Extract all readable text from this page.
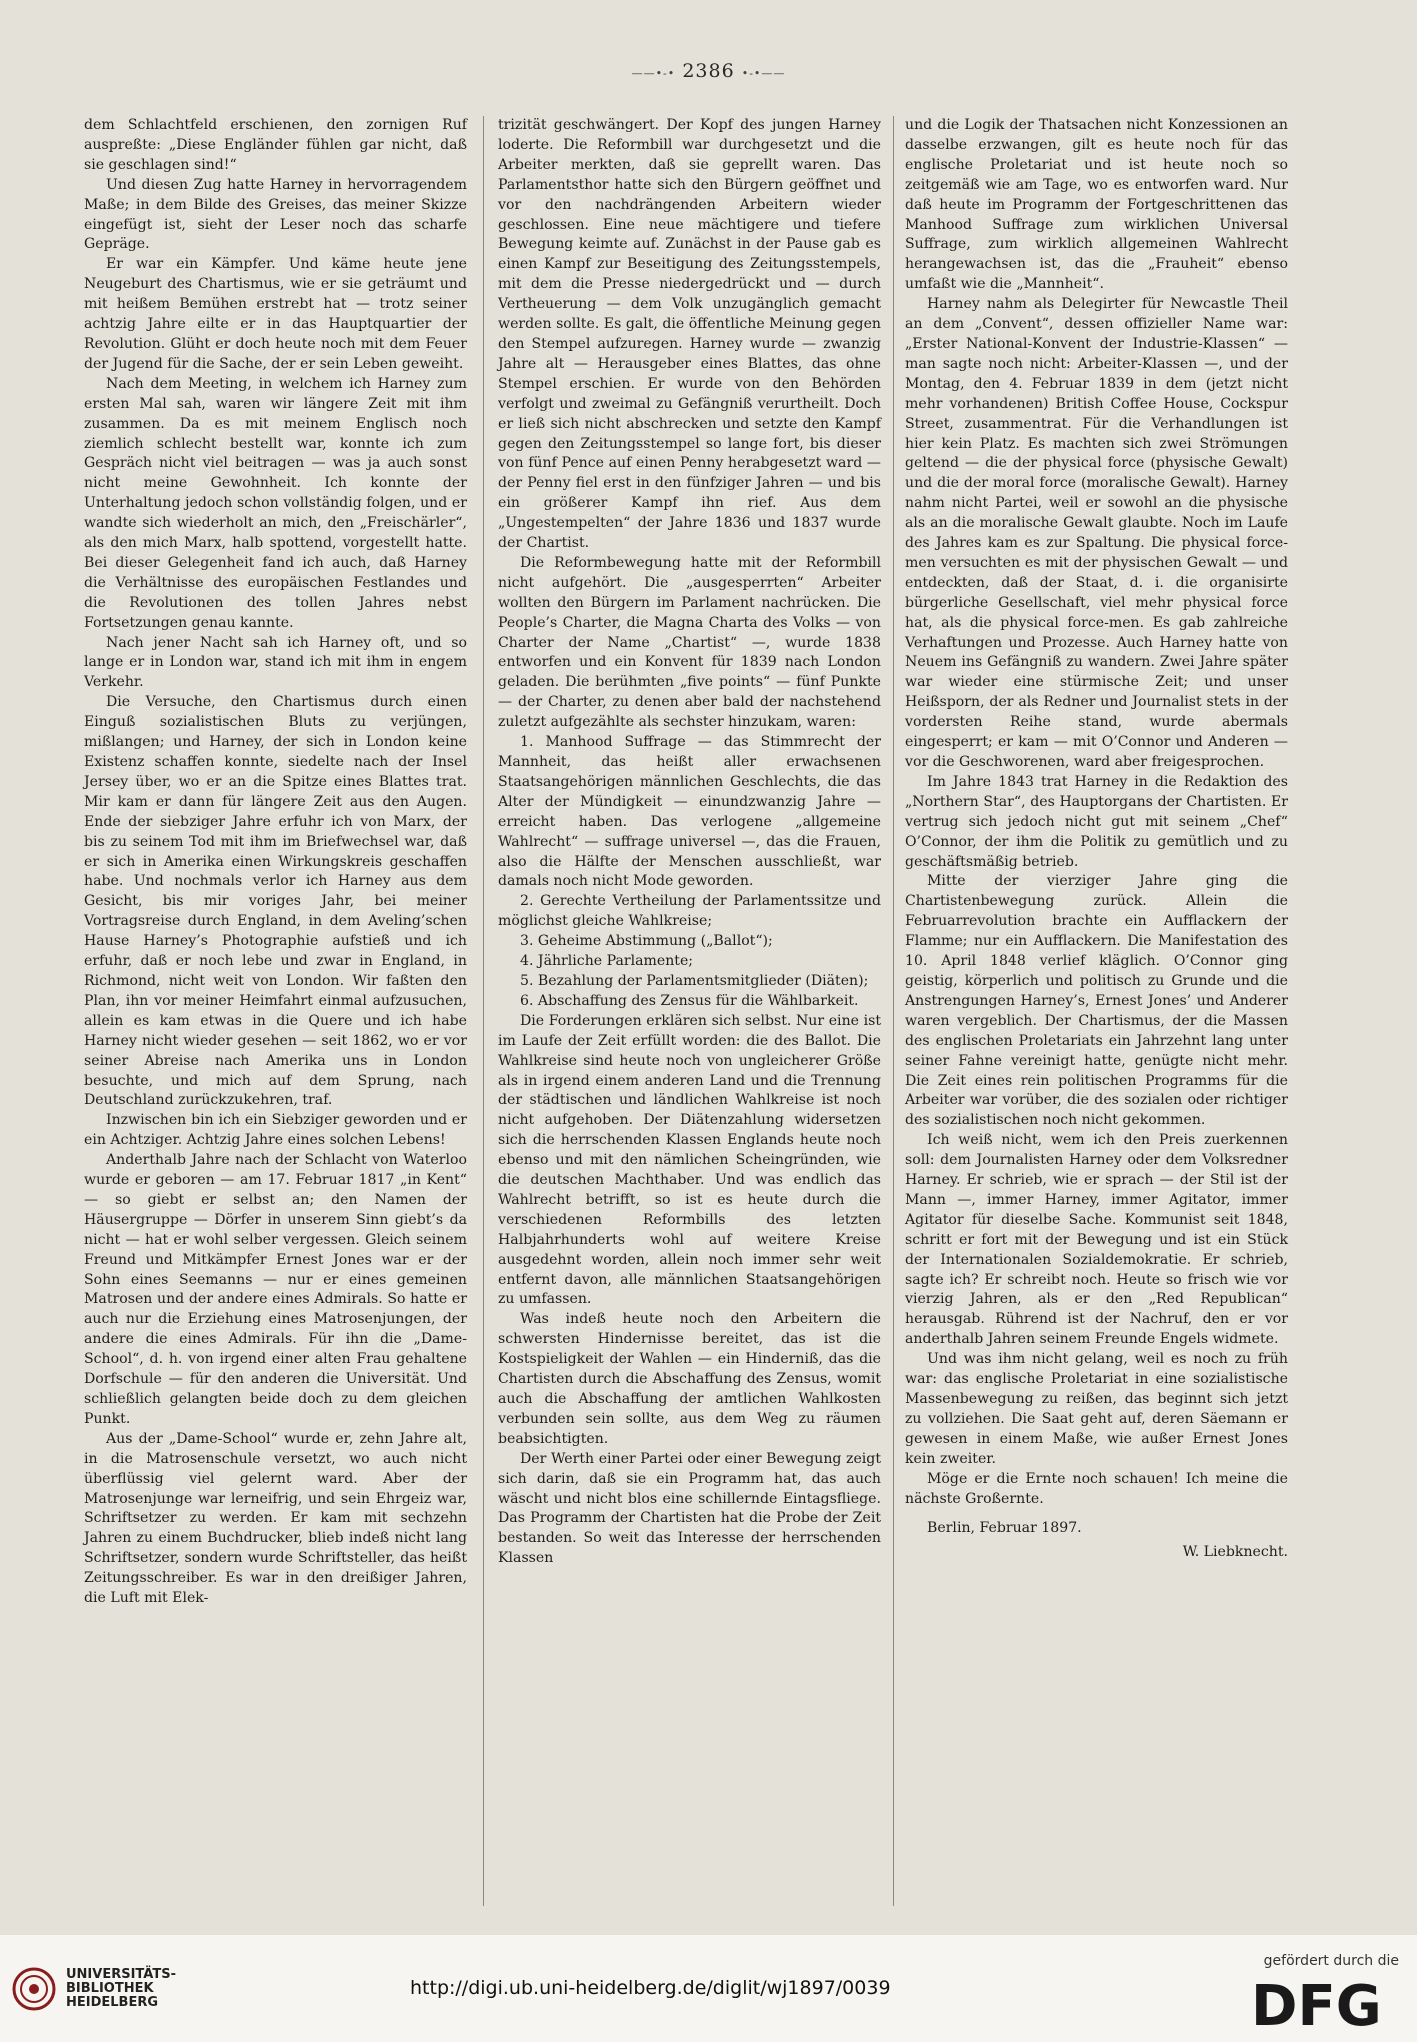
——•-• 2386 •-•——

dem Schlachtfeld erschienen, den zornigen Ruf auspreßte: „Diese Engländer fühlen gar nicht, daß sie geschlagen sind!“

Und diesen Zug hatte Harney in hervorragendem Maße; in dem Bilde des Greises, das meiner Skizze eingefügt ist, sieht der Leser noch das scharfe Gepräge.

Er war ein Kämpfer. Und käme heute jene Neugeburt des Chartismus, wie er sie geträumt und mit heißem Bemühen erstrebt hat — trotz seiner achtzig Jahre eilte er in das Hauptquartier der Revolution. Glüht er doch heute noch mit dem Feuer der Jugend für die Sache, der er sein Leben geweiht.

Nach dem Meeting, in welchem ich Harney zum ersten Mal sah, waren wir längere Zeit mit ihm zusammen. Da es mit meinem Englisch noch ziemlich schlecht bestellt war, konnte ich zum Gespräch nicht viel beitragen — was ja auch sonst nicht meine Gewohnheit. Ich konnte der Unterhaltung jedoch schon vollständig folgen, und er wandte sich wiederholt an mich, den „Freischärler“, als den mich Marx, halb spottend, vorgestellt hatte. Bei dieser Gelegenheit fand ich auch, daß Harney die Verhältnisse des europäischen Festlandes und die Revolutionen des tollen Jahres nebst Fortsetzungen genau kannte.

Nach jener Nacht sah ich Harney oft, und so lange er in London war, stand ich mit ihm in engem Verkehr.

Die Versuche, den Chartismus durch einen Einguß sozialistischen Bluts zu verjüngen, mißlangen; und Harney, der sich in London keine Existenz schaffen konnte, siedelte nach der Insel Jersey über, wo er an die Spitze eines Blattes trat. Mir kam er dann für längere Zeit aus den Augen. Ende der siebziger Jahre erfuhr ich von Marx, der bis zu seinem Tod mit ihm im Briefwechsel war, daß er sich in Amerika einen Wirkungskreis geschaffen habe. Und nochmals verlor ich Harney aus dem Gesicht, bis mir voriges Jahr, bei meiner Vortragsreise durch England, in dem Aveling’schen Hause Harney’s Photographie aufstieß und ich erfuhr, daß er noch lebe und zwar in England, in Richmond, nicht weit von London. Wir faßten den Plan, ihn vor meiner Heimfahrt einmal aufzusuchen, allein es kam etwas in die Quere und ich habe Harney nicht wieder gesehen — seit 1862, wo er vor seiner Abreise nach Amerika uns in London besuchte, und mich auf dem Sprung, nach Deutschland zurückzukehren, traf.

Inzwischen bin ich ein Siebziger geworden und er ein Achtziger. Achtzig Jahre eines solchen Lebens!

Anderthalb Jahre nach der Schlacht von Waterloo wurde er geboren — am 17. Februar 1817 „in Kent“ — so giebt er selbst an; den Namen der Häusergruppe — Dörfer in unserem Sinn giebt’s da nicht — hat er wohl selber vergessen. Gleich seinem Freund und Mitkämpfer Ernest Jones war er der Sohn eines Seemanns — nur er eines gemeinen Matrosen und der andere eines Admirals. So hatte er auch nur die Erziehung eines Matrosenjungen, der andere die eines Admirals. Für ihn die „Dame-School“, d. h. von irgend einer alten Frau gehaltene Dorfschule — für den anderen die Universität. Und schließlich gelangten beide doch zu dem gleichen Punkt.

Aus der „Dame-School“ wurde er, zehn Jahre alt, in die Matrosenschule versetzt, wo auch nicht überflüssig viel gelernt ward. Aber der Matrosenjunge war lerneifrig, und sein Ehrgeiz war, Schriftsetzer zu werden. Er kam mit sechzehn Jahren zu einem Buchdrucker, blieb indeß nicht lang Schriftsetzer, sondern wurde Schriftsteller, das heißt Zeitungsschreiber. Es war in den dreißiger Jahren, die Luft mit Elek-

trizität geschwängert. Der Kopf des jungen Harney loderte. Die Reformbill war durchgesetzt und die Arbeiter merkten, daß sie geprellt waren. Das Parlamentsthor hatte sich den Bürgern geöffnet und vor den nachdrängenden Arbeitern wieder geschlossen. Eine neue mächtigere und tiefere Bewegung keimte auf. Zunächst in der Pause gab es einen Kampf zur Beseitigung des Zeitungsstempels, mit dem die Presse niedergedrückt und — durch Vertheuerung — dem Volk unzugänglich gemacht werden sollte. Es galt, die öffentliche Meinung gegen den Stempel aufzuregen. Harney wurde — zwanzig Jahre alt — Herausgeber eines Blattes, das ohne Stempel erschien. Er wurde von den Behörden verfolgt und zweimal zu Gefängniß verurtheilt. Doch er ließ sich nicht abschrecken und setzte den Kampf gegen den Zeitungsstempel so lange fort, bis dieser von fünf Pence auf einen Penny herabgesetzt ward — der Penny fiel erst in den fünfziger Jahren — und bis ein größerer Kampf ihn rief. Aus dem „Ungestempelten“ der Jahre 1836 und 1837 wurde der Chartist.

Die Reformbewegung hatte mit der Reformbill nicht aufgehört. Die „ausgesperrten“ Arbeiter wollten den Bürgern im Parlament nachrücken. Die People’s Charter, die Magna Charta des Volks — von Charter der Name „Chartist“ —, wurde 1838 entworfen und ein Konvent für 1839 nach London geladen. Die berühmten „five points“ — fünf Punkte — der Charter, zu denen aber bald der nachstehend zuletzt aufgezählte als sechster hinzukam, waren:

1. Manhood Suffrage — das Stimmrecht der Mannheit, das heißt aller erwachsenen Staatsangehörigen männlichen Geschlechts, die das Alter der Mündigkeit — einundzwanzig Jahre — erreicht haben. Das verlogene „allgemeine Wahlrecht“ — suffrage universel —, das die Frauen, also die Hälfte der Menschen ausschließt, war damals noch nicht Mode geworden.

2. Gerechte Vertheilung der Parlamentssitze und möglichst gleiche Wahlkreise;

3. Geheime Abstimmung („Ballot“);

4. Jährliche Parlamente;

5. Bezahlung der Parlamentsmitglieder (Diäten);

6. Abschaffung des Zensus für die Wählbarkeit.

Die Forderungen erklären sich selbst. Nur eine ist im Laufe der Zeit erfüllt worden: die des Ballot. Die Wahlkreise sind heute noch von ungleicherer Größe als in irgend einem anderen Land und die Trennung der städtischen und ländlichen Wahlkreise ist noch nicht aufgehoben. Der Diätenzahlung widersetzen sich die herrschenden Klassen Englands heute noch ebenso und mit den nämlichen Scheingründen, wie die deutschen Machthaber. Und was endlich das Wahlrecht betrifft, so ist es heute durch die verschiedenen Reformbills des letzten Halbjahrhunderts wohl auf weitere Kreise ausgedehnt worden, allein noch immer sehr weit entfernt davon, alle männlichen Staatsangehörigen zu umfassen.

Was indeß heute noch den Arbeitern die schwersten Hindernisse bereitet, das ist die Kostspieligkeit der Wahlen — ein Hinderniß, das die Chartisten durch die Abschaffung des Zensus, womit auch die Abschaffung der amtlichen Wahlkosten verbunden sein sollte, aus dem Weg zu räumen beabsichtigten.

Der Werth einer Partei oder einer Bewegung zeigt sich darin, daß sie ein Programm hat, das auch wäscht und nicht blos eine schillernde Eintagsfliege. Das Programm der Chartisten hat die Probe der Zeit bestanden. So weit das Interesse der herrschenden Klassen

und die Logik der Thatsachen nicht Konzessionen an dasselbe erzwangen, gilt es heute noch für das englische Proletariat und ist heute noch so zeitgemäß wie am Tage, wo es entworfen ward. Nur daß heute im Programm der Fortgeschrittenen das Manhood Suffrage zum wirklichen Universal Suffrage, zum wirklich allgemeinen Wahlrecht herangewachsen ist, das die „Frauheit“ ebenso umfaßt wie die „Mannheit“.

Harney nahm als Delegirter für Newcastle Theil an dem „Convent“, dessen offizieller Name war: „Erster National-Konvent der Industrie-Klassen“ — man sagte noch nicht: Arbeiter-Klassen —, und der Montag, den 4. Februar 1839 in dem (jetzt nicht mehr vorhandenen) British Coffee House, Cockspur Street, zusammentrat. Für die Verhandlungen ist hier kein Platz. Es machten sich zwei Strömungen geltend — die der physical force (physische Gewalt) und die der moral force (moralische Gewalt). Harney nahm nicht Partei, weil er sowohl an die physische als an die moralische Gewalt glaubte. Noch im Laufe des Jahres kam es zur Spaltung. Die physical force-men versuchten es mit der physischen Gewalt — und entdeckten, daß der Staat, d. i. die organisirte bürgerliche Gesellschaft, viel mehr physical force hat, als die physical force-men. Es gab zahlreiche Verhaftungen und Prozesse. Auch Harney hatte von Neuem ins Gefängniß zu wandern. Zwei Jahre später war wieder eine stürmische Zeit; und unser Heißsporn, der als Redner und Journalist stets in der vordersten Reihe stand, wurde abermals eingesperrt; er kam — mit O’Connor und Anderen — vor die Geschworenen, ward aber freigesprochen.

Im Jahre 1843 trat Harney in die Redaktion des „Northern Star“, des Hauptorgans der Chartisten. Er vertrug sich jedoch nicht gut mit seinem „Chef“ O’Connor, der ihm die Politik zu gemütlich und zu geschäftsmäßig betrieb.

Mitte der vierziger Jahre ging die Chartistenbewegung zurück. Allein die Februarrevolution brachte ein Aufflackern der Flamme; nur ein Aufflackern. Die Manifestation des 10. April 1848 verlief kläglich. O’Connor ging geistig, körperlich und politisch zu Grunde und die Anstrengungen Harney’s, Ernest Jones’ und Anderer waren vergeblich. Der Chartismus, der die Massen des englischen Proletariats ein Jahrzehnt lang unter seiner Fahne vereinigt hatte, genügte nicht mehr. Die Zeit eines rein politischen Programms für die Arbeiter war vorüber, die des sozialen oder richtiger des sozialistischen noch nicht gekommen.

Ich weiß nicht, wem ich den Preis zuerkennen soll: dem Journalisten Harney oder dem Volksredner Harney. Er schrieb, wie er sprach — der Stil ist der Mann —, immer Harney, immer Agitator, immer Agitator für dieselbe Sache. Kommunist seit 1848, schritt er fort mit der Bewegung und ist ein Stück der Internationalen Sozialdemokratie. Er schrieb, sagte ich? Er schreibt noch. Heute so frisch wie vor vierzig Jahren, als er den „Red Republican“ herausgab. Rührend ist der Nachruf, den er vor anderthalb Jahren seinem Freunde Engels widmete.

Und was ihm nicht gelang, weil es noch zu früh war: das englische Proletariat in eine sozialistische Massenbewegung zu reißen, das beginnt sich jetzt zu vollziehen. Die Saat geht auf, deren Säemann er gewesen in einem Maße, wie außer Ernest Jones kein zweiter.

Möge er die Ernte noch schauen! Ich meine die nächste Großernte.

Berlin, Februar 1897.

W. Liebknecht.

UNIVERSITÄTS-
BIBLIOTHEK
HEIDELBERG
http://digi.ub.uni-heidelberg.de/diglit/wj1897/0039
gefördert durch die
DFG
